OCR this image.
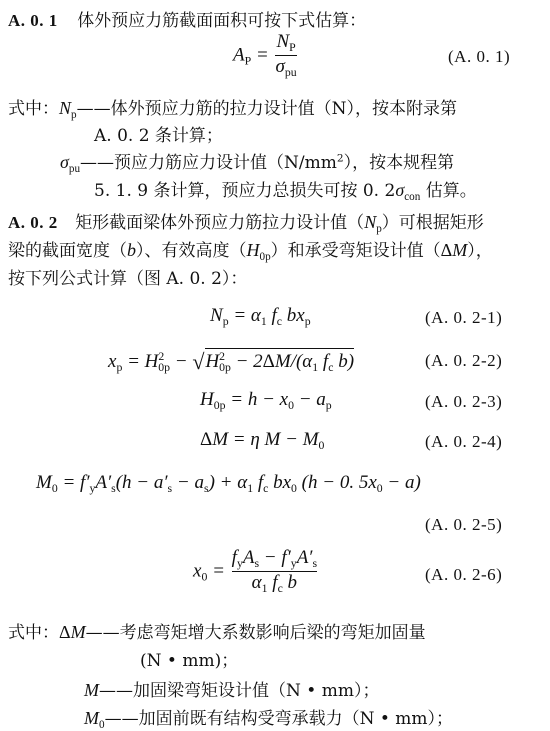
A. 0. 1 体外预应力筋截面面积可按下式估算：
$A_P = \frac{N_P}{\sigma_{pu}}$	(A. 0. 1)
式中：$N_p——$体外预应力筋的拉力设计值（N），按本附录第
A. 0. 2 条计算；
$\sigma_{pu}——$预应力筋应力设计值$(N/mm^2)$，按本规程第
5. 1. 9 条计算，预应力总损失可按 0. $2\sigma_{con}$ 估算。
A. 0. 2 矩形截面梁体外预应力筋拉力设计值$(N_p)$可根据矩形
梁的截面宽度（b）、有效高度$(H_{0p})$和承受弯矩设计值（ΔM），
按下列公式计算（图 A. 0. 2）：
$N_p = \alpha_1$ $f_c$ $bx_p$	(A. 0. 2-1)
$x_p = H^2_{0p} - √H^2_{0p} - 2\Delta M/(\alpha_1$ $f_c$ b)	(A. 0. 2-2)
$H_{0p} = h - x_0 - a_p$	(A. 0. 2-3)
ΔM = η $M - M_0$	(A. 0. 2-4)
$M_0 = f'_yA'_s(h - a'_s - a_s) + \alpha_1$ $f_c$ $bx_0$ (h − 0. $5x_0 - a$)
(A. 0. 2-5)
$x_0 = \frac{f_yA_s - f'_yA'_s}{\alpha_1 f_c b}$	(A. 0. 2-6)
式中：ΔM——考虑弯矩增大系数影响后梁的弯矩加固量
(N • mm)；
M——加固梁弯矩设计值（N • mm）；
$M_0——$加固前既有结构受弯承载力（N • mm）；
